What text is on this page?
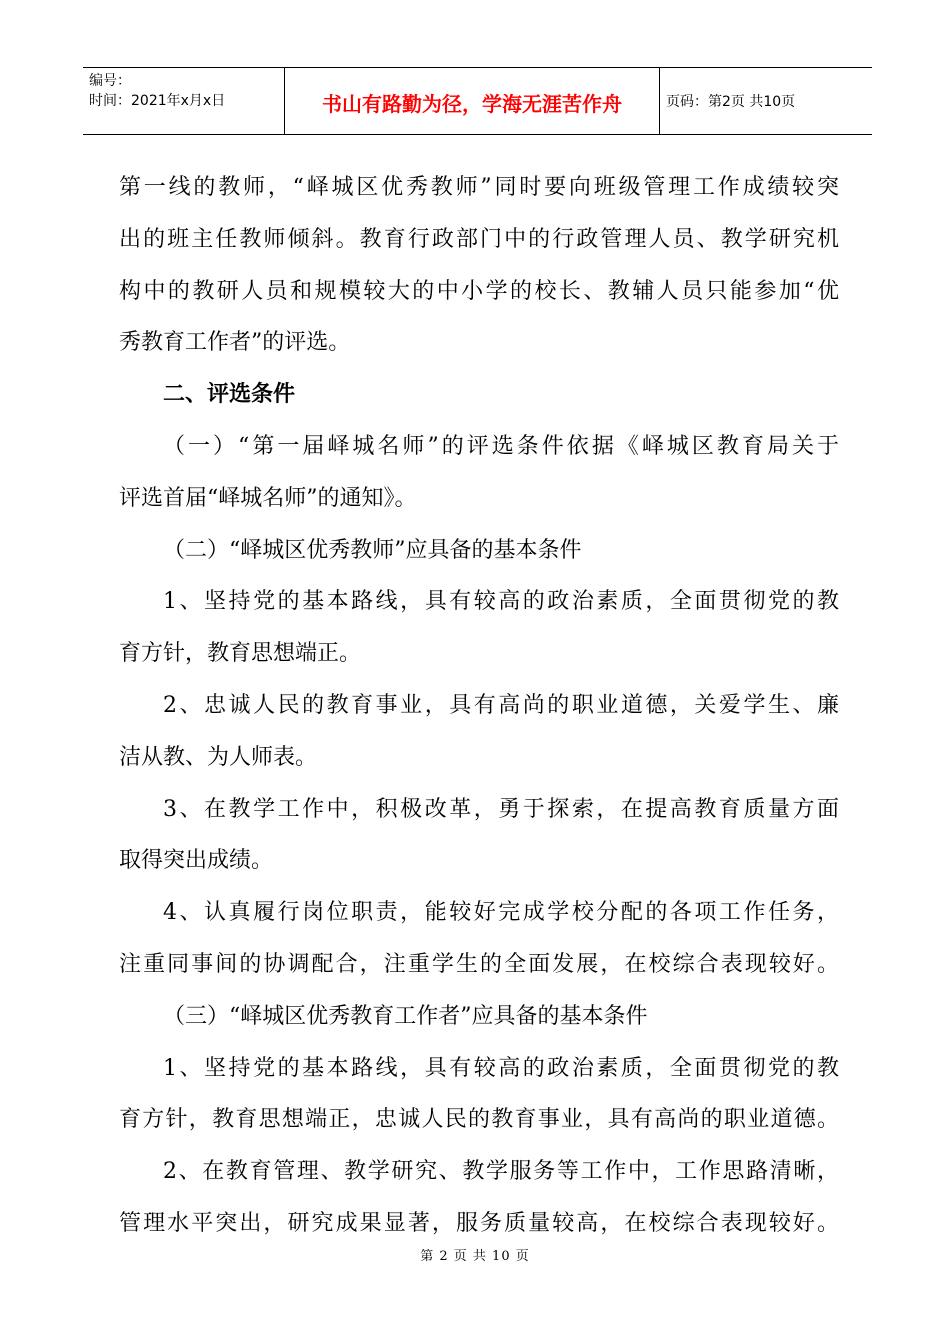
编号：
时间：2021年x月x日	书山有路勤为径，学海无涯苦作舟	页码：第2页 共10页
第一线的教师，“峄城区优秀教师”同时要向班级管理工作成绩较突
出的班主任教师倾斜。教育行政部门中的行政管理人员、教学研究机
构中的教研人员和规模较大的中小学的校长、教辅人员只能参加“优
秀教育工作者”的评选。
二、评选条件
（一）“第一届峄城名师”的评选条件依据《峄城区教育局关于
评选首届“峄城名师”的通知》。
（二）“峄城区优秀教师”应具备的基本条件
1、坚持党的基本路线，具有较高的政治素质，全面贯彻党的教
育方针，教育思想端正。
2、忠诚人民的教育事业，具有高尚的职业道德，关爱学生、廉
洁从教、为人师表。
3、在教学工作中，积极改革，勇于探索，在提高教育质量方面
取得突出成绩。
4、认真履行岗位职责，能较好完成学校分配的各项工作任务，
注重同事间的协调配合，注重学生的全面发展，在校综合表现较好。
（三）“峄城区优秀教育工作者”应具备的基本条件
1、坚持党的基本路线，具有较高的政治素质，全面贯彻党的教
育方针，教育思想端正，忠诚人民的教育事业，具有高尚的职业道德。
2、在教育管理、教学研究、教学服务等工作中，工作思路清晰，
管理水平突出，研究成果显著，服务质量较高，在校综合表现较好。
第 2 页 共 10 页
